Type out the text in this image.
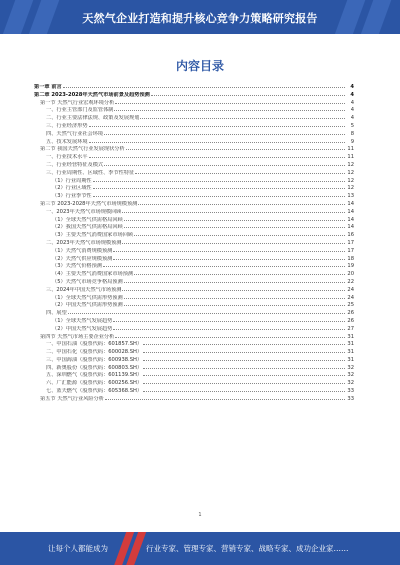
天然气企业打造和提升核心竞争力策略研究报告
内容目录
第一章 前言	4
第二章 2023-2028年天然气市场前景及趋势预测	4
第一节 天然气行业宏观环境分析	4
一、行业主管部门及监管体制	4
二、行业主要法律法规、政策及发展规划	4
三、行业经济形势	5
四、天然气行业社会环境	8
五、技术发展环境	9
第二节 我国天然气行业发展现状分析	11
一、行业技术水平	11
二、行业经营特征及模式	12
三、行业周期性、区域性、季节性特征	12
（1）行业周期性	12
（2）行业区域性	12
（3）行业季节性	13
第三节 2023-2028年天然气市场规模预测	14
一、2023年天然气市场规模回顾	14
（1）全球天然气供需格局回顾	14
（2）我国天然气供需格局回顾	14
（3）主要天然气消费国家市场回顾	16
二、2023年天然气市场规模预测	17
（1）天然气消费规模预测	17
（2）天然气供应规模预测	18
（3）天然气价格预测	19
（4）主要天然气消费国家市场预测	20
（5）天然气市场竞争格局预测	22
三、2024年中国天然气市场预测	24
（1）全球天然气供需形势预测	24
（2）中国天然气供需形势预测	25
四、展望	26
（1）全球天然气发展趋势	26
（2）中国天然气发展趋势	27
第四节 天然气市场主要企业分析	31
一、中国石油（股票代码：601857.SH）	31
二、中国石化（股票代码：600028.SH）	31
三、中国海油（股票代码：600938.SH）	31
四、新奥股份（股票代码：600803.SH）	32
五、深圳燃气（股票代码：601139.SH）	32
六、广汇能源（股票代码：600256.SH）	32
七、蓝天燃气（股票代码：605368.SH）	33
第五节 天然气行业风险分析	33
1
让每个人都能成为	行业专家、管理专家、营销专家、战略专家、成功企业家……
